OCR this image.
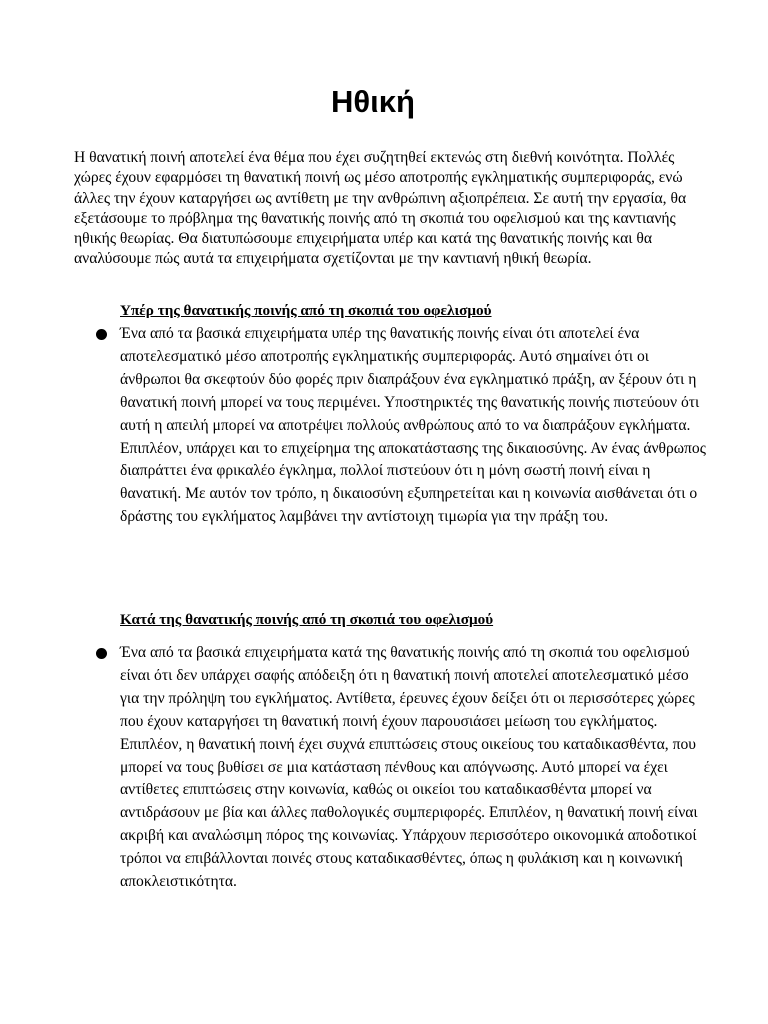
Ηθική

Η θανατική ποινή αποτελεί ένα θέμα που έχει συζητηθεί εκτενώς στη διεθνή κοινότητα. Πολλές χώρες έχουν εφαρμόσει τη θανατική ποινή ως μέσο αποτροπής εγκληματικής συμπεριφοράς, ενώ άλλες την έχουν καταργήσει ως αντίθετη με την ανθρώπινη αξιοπρέπεια. Σε αυτή την εργασία, θα εξετάσουμε το πρόβλημα της θανατικής ποινής από τη σκοπιά του οφελισμού και της καντιανής ηθικής θεωρίας. Θα διατυπώσουμε επιχειρήματα υπέρ και κατά της θανατικής ποινής και θα αναλύσουμε πώς αυτά τα επιχειρήματα σχετίζονται με την καντιανή ηθική θεωρία.

Υπέρ της θανατικής ποινής από τη σκοπιά του οφελισμού

Ένα από τα βασικά επιχειρήματα υπέρ της θανατικής ποινής είναι ότι αποτελεί ένα αποτελεσματικό μέσο αποτροπής εγκληματικής συμπεριφοράς. Αυτό σημαίνει ότι οι άνθρωποι θα σκεφτούν δύο φορές πριν διαπράξουν ένα εγκληματικό πράξη, αν ξέρουν ότι η θανατική ποινή μπορεί να τους περιμένει. Υποστηρικτές της θανατικής ποινής πιστεύουν ότι αυτή η απειλή μπορεί να αποτρέψει πολλούς ανθρώπους από το να διαπράξουν εγκλήματα. Επιπλέον, υπάρχει και το επιχείρημα της αποκατάστασης της δικαιοσύνης. Αν ένας άνθρωπος διαπράττει ένα φρικαλέο έγκλημα, πολλοί πιστεύουν ότι η μόνη σωστή ποινή είναι η θανατική. Με αυτόν τον τρόπο, η δικαιοσύνη εξυπηρετείται και η κοινωνία αισθάνεται ότι ο δράστης του εγκλήματος λαμβάνει την αντίστοιχη τιμωρία για την πράξη του.

Κατά της θανατικής ποινής από τη σκοπιά του οφελισμού

Ένα από τα βασικά επιχειρήματα κατά της θανατικής ποινής από τη σκοπιά του οφελισμού είναι ότι δεν υπάρχει σαφής απόδειξη ότι η θανατική ποινή αποτελεί αποτελεσματικό μέσο για την πρόληψη του εγκλήματος. Αντίθετα, έρευνες έχουν δείξει ότι οι περισσότερες χώρες που έχουν καταργήσει τη θανατική ποινή έχουν παρουσιάσει μείωση του εγκλήματος. Επιπλέον, η θανατική ποινή έχει συχνά επιπτώσεις στους οικείους του καταδικασθέντα, που μπορεί να τους βυθίσει σε μια κατάσταση πένθους και απόγνωσης. Αυτό μπορεί να έχει αντίθετες επιπτώσεις στην κοινωνία, καθώς οι οικείοι του καταδικασθέντα μπορεί να αντιδράσουν με βία και άλλες παθολογικές συμπεριφορές. Επιπλέον, η θανατική ποινή είναι ακριβή και αναλώσιμη πόρος της κοινωνίας. Υπάρχουν περισσότερο οικονομικά αποδοτικοί τρόποι να επιβάλλονται ποινές στους καταδικασθέντες, όπως η φυλάκιση και η κοινωνική αποκλειστικότητα.
